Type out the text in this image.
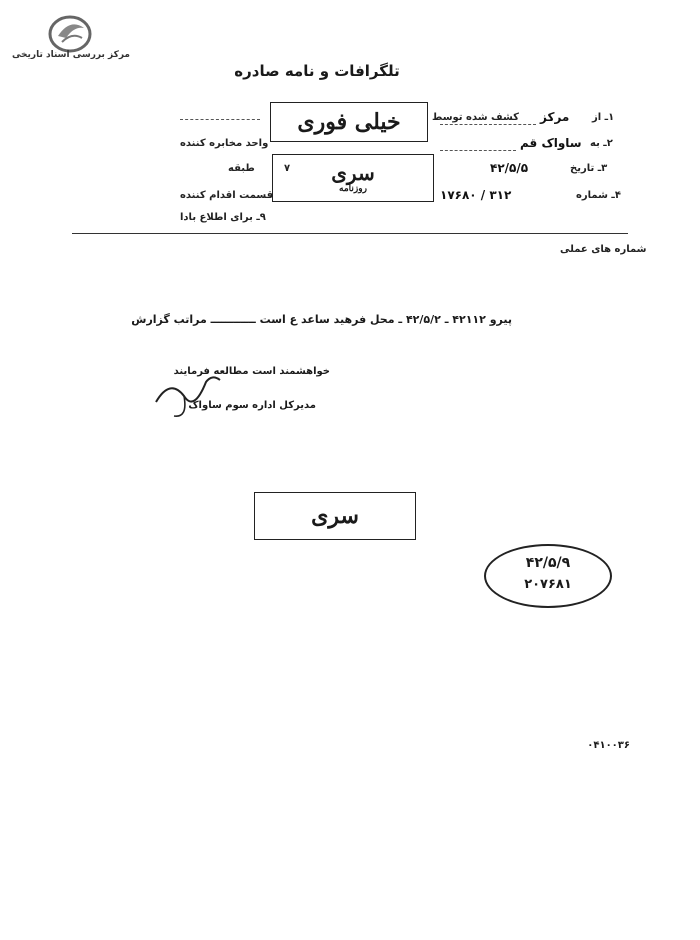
مرکز بررسی اسناد تاریخی
تلگرافات و نامه صادره
۱ـ از
مرکز
۲ـ به
ساواک قم
۳ـ تاریخ
۴۲/۵/۵
۴ـ شماره
۱۷۶۸۰ / ۳۱۲
کشف شده توسط
واحد مخابره کننده
طبقه	۷
قسمت اقدام کننده
۹ـ برای اطلاع بادا
خیلی فوری
سری
روزنامه
شماره های عملی
پیرو ۴۲۱۱۲ ـ ۴۲/۵/۲ ـ محل فرهید ساعد ع است ــــــــــــ مراتب گزارش
خواهشمند است مطالعه فرمایند
مدیرکل اداره سوم ساواک
سری
۴۲/۵/۹
۲۰۷۶۸۱
۰۴۱۰۰۳۶
